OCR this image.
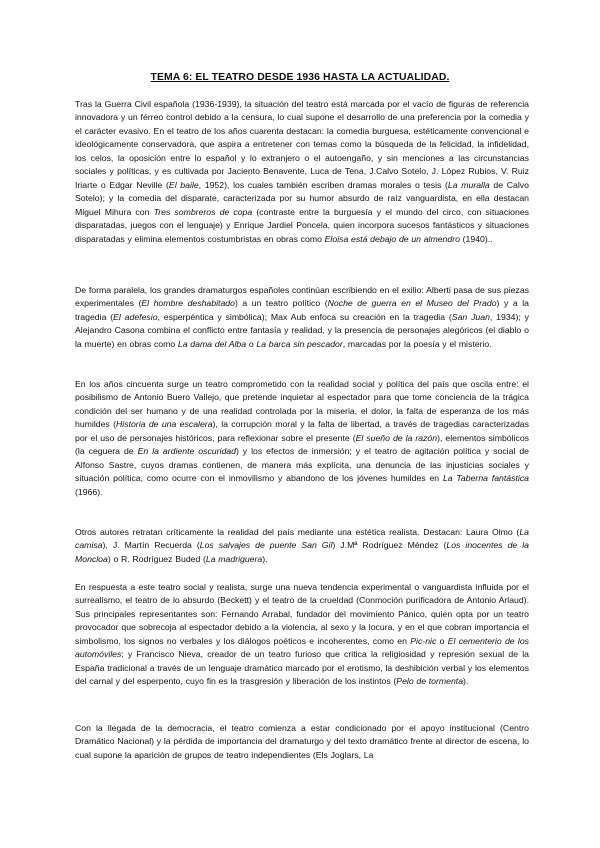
TEMA 6: EL TEATRO DESDE 1936 HASTA LA ACTUALIDAD.

Tras la Guerra Civil española (1936-1939), la situación del teatro está marcada por el vacío de figuras de referencia innovadora y un férreo control debido a la censura, lo cual supone el desarrollo de una preferencia por la comedia y el carácter evasivo. En el teatro de los años cuarenta destacan: la comedia burguesa, estéticamente convencional e ideológicamente conservadora, que aspira a entretener con temas como la búsqueda de la felicidad, la infidelidad, los celos, la oposición entre lo español y lo extranjero o el autoengaño, y sin menciones a las circunstancias sociales y políticas, y es cultivada por Jaciento Benavente, Luca de Tena, J.Calvo Sotelo, J. López Rubios, V. Ruiz Iriarte o Edgar Neville (El baile, 1952), los cuales también escriben dramas morales o tesis (La muralla de Calvo Sotelo); y la comedia del disparate, caracterizada por su humor absurdo de raíz vanguardista, en ella destacan Miguel Mihura con Tres sombreros de copa (contraste entre la burguesía y el mundo del circo, con situaciones disparatadas, juegos con el lenguaje) y Enrique Jardiel Poncela, quien incorpora sucesos fantásticos y situaciones disparatadas y elimina elementos costumbristas en obras como Eloisa está debajo de un almendro (1940)..

De forma paralela, los grandes dramaturgos españoles continúan escribiendo en el exilio: Alberti pasa de sus piezas experimentales (El hombre deshabitado) a un teatro político (Noche de guerra en el Museo del Prado) y a la tragedia (El adefesio, esperpéntica y simbólica); Max Aub enfoca su creación en la tragedia (San Juan, 1934); y Alejandro Casona combina el conflicto entre fantasía y realidad, y la presencia de personajes alegóricos (el diablo o la muerte) en obras como La dama del Alba o La barca sin pescador, marcadas por la poesía y el misterio.

En los años cincuenta surge un teatro comprometido con la realidad social y política del país que oscila entre: el posibilismo de Antonio Buero Vallejo, que pretende inquietar al espectador para que tome conciencia de la trágica condición del ser humano y de una realidad controlada por la miseria, el dolor, la falta de esperanza de los más humildes (Historia de una escalera), la corrupción moral y la falta de libertad, a través de tragedias caracterizadas por el uso de personajes históricos, para reflexionar sobre el presente (El sueño de la razón), elementos simbólicos (la ceguera de En la ardiente oscuridad) y los efectos de inmersión; y el teatro de agitación política y social de Alfonso Sastre, cuyos dramas contienen, de manera más explícita, una denuncia de las injusticias sociales y situación política, como ocurre con el inmovilismo y abandono de los jóvenes humildes en La Taberna fantástica (1966).

Otros autores retratan críticamente la realidad del país mediante una estética realista. Destacan: Laura Olmo (La camisa), J. Martín Recuerda (Los salvajes de puente San Gil) J.Mª Rodríguez Méndez (Los inocentes de la Moncloa) o R. Rodríguez Buded (La madriguera).

En respuesta a este teatro social y realista, surge una nueva tendencia experimental o vanguardista influida por el surrealismo, el teatro de lo absurdo (Beckett) y el teatro de la crueldad (Conmoción purificadora de Antonio Arlaud). Sus principales representantes son: Fernando Arrabal, fundador del movimiento Pánico, quien opta por un teatro provocador que sobrecoja al espectador debido a la violencia, al sexo y la locura, y en el que cobran importancia el simbolismo, los signos no verbales y los diálogos poéticos e incoherentes, como en Pic-nic o El cementerio de los automóviles; y Francisco Nieva, creador de un teatro furioso que critica la religiosidad y represión sexual de la España tradicional a través de un lenguaje dramático marcado por el erotismo, la deshibición verbal y los elementos del carnal y del esperpento, cuyo fin es la trasgresión y liberación de los instintos (Pelo de tormenta).

Con la llegada de la democracia, el teatro comienza a estar condicionado por el apoyo institucional (Centro Dramático Nacional) y la pérdida de importancia del dramaturgo y del texto dramático frente al director de escena, lo cual supone la aparición de grupos de teatro independientes (Els Joglars, La
